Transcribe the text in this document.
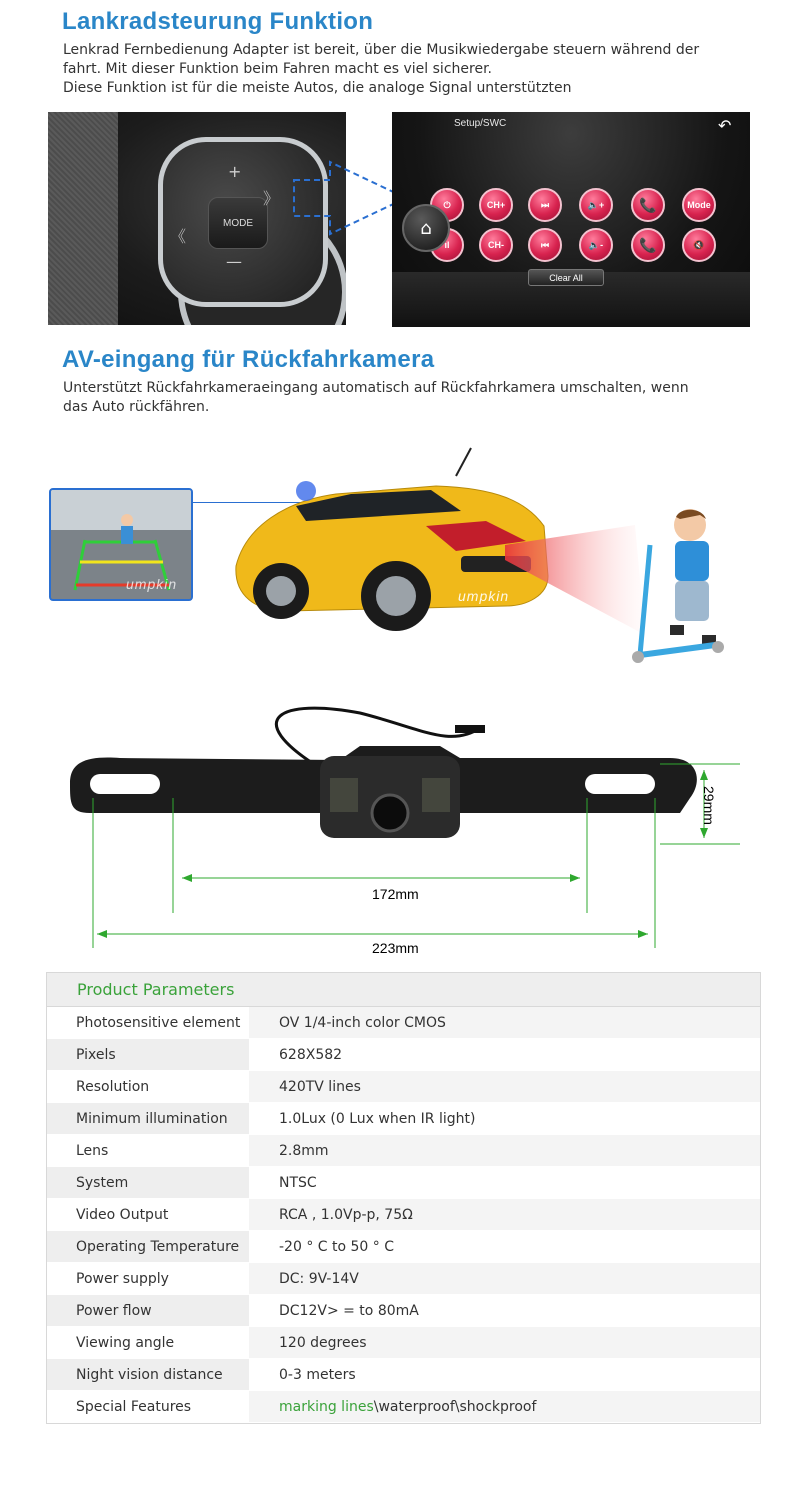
Lankradsteurung Funktion
Lenkrad Fernbedienung Adapter ist bereit, über die Musikwiedergabe steuern während der
fahrt. Mit dieser Funktion beim Fahren macht es viel sicherer.
Diese Funktion ist für die meiste Autos, die analoge Signal unterstützten
MODE
+
—
《
》
Setup/SWC	↶
⏻	CH+	⏭	🔈+	📞	Mode
ıl	CH-	⏮	🔈-	📞	🔇
⌂
Clear All
AV-eingang für Rückfahrkamera
Unterstützt Rückfahrkameraeingang automatisch auf Rückfahrkamera umschalten, wenn
das Auto rückfähren.
umpkin
umpkin
29mm
172mm
223mm
Product Parameters
Photosensitive element	OV 1/4-inch color CMOS
Pixels	628X582
Resolution	420TV lines
Minimum illumination	1.0Lux (0 Lux when IR light)
Lens	2.8mm
System	NTSC
Video Output	RCA , 1.0Vp-p, 75Ω
Operating Temperature	-20 ° C to 50 ° C
Power supply	DC: 9V-14V
Power flow	DC12V> = to 80mA
Viewing angle	120 degrees
Night vision distance	0-3 meters
Special Features	marking lines \waterproof\shockproof
